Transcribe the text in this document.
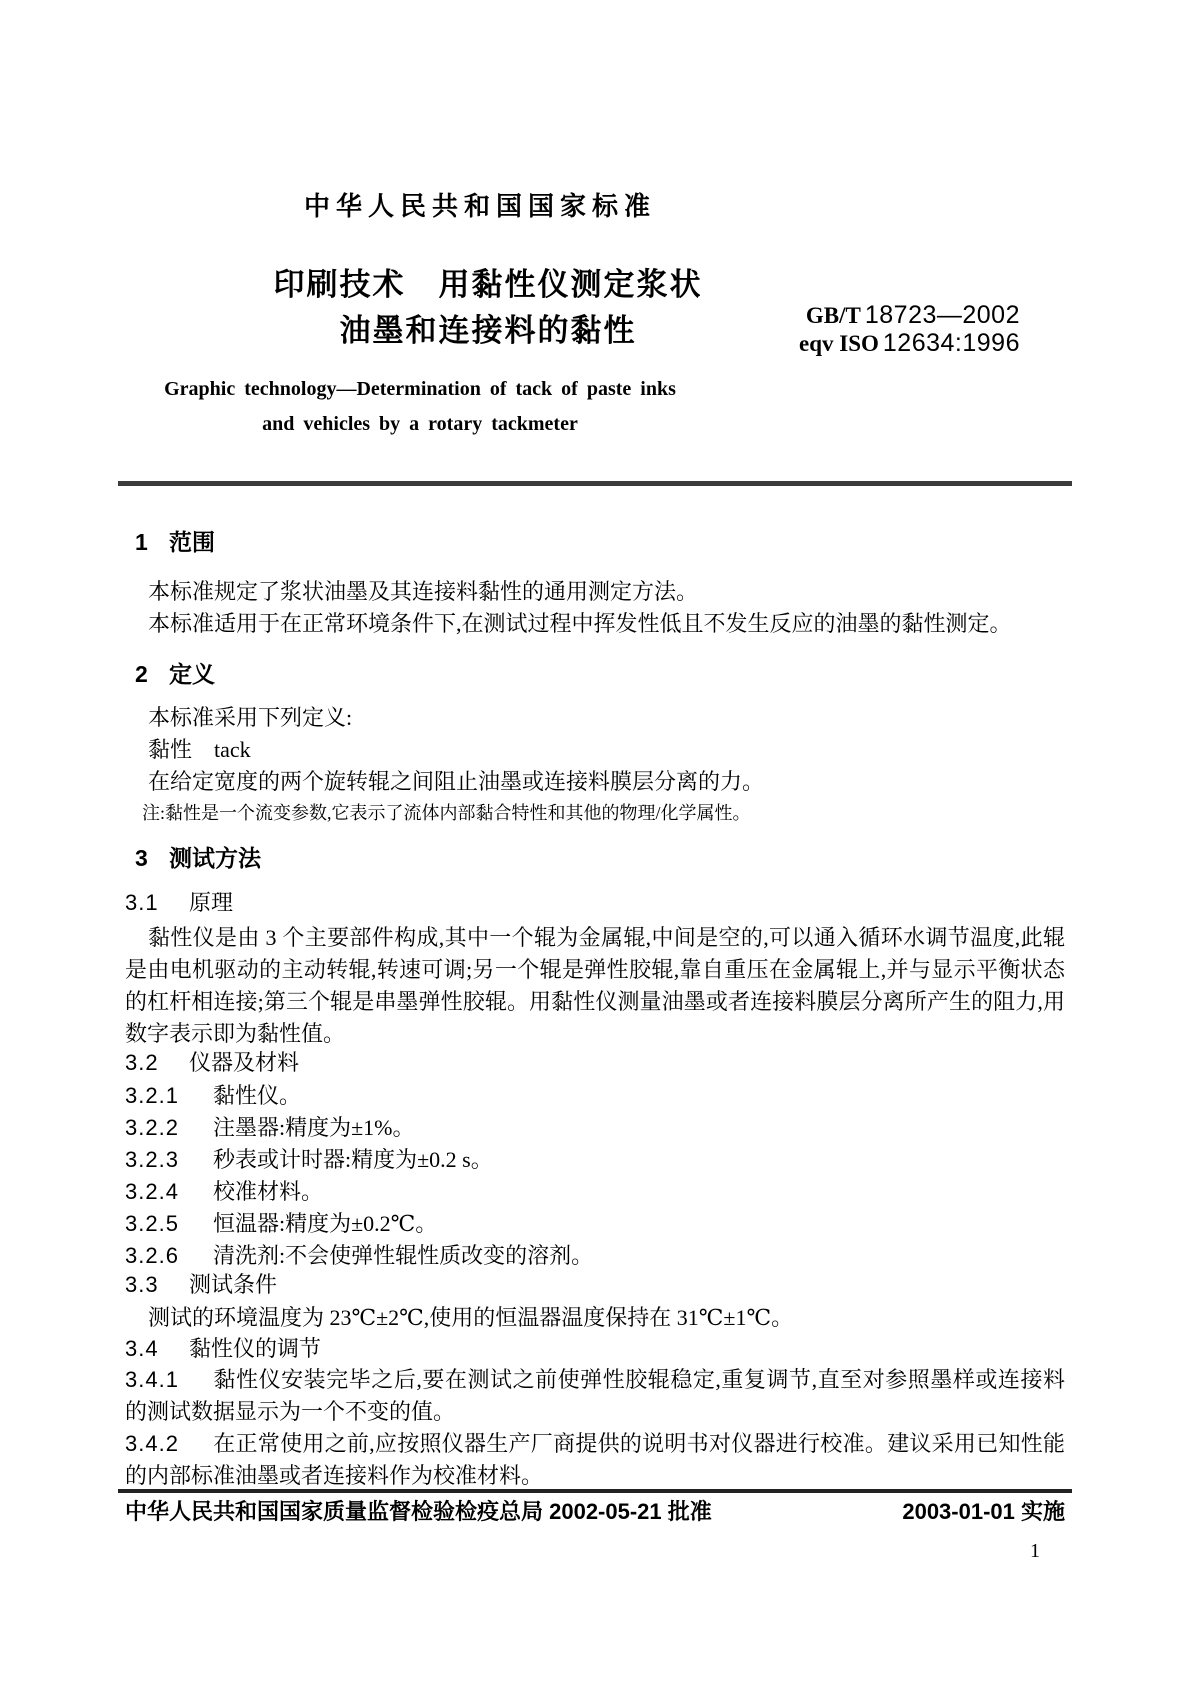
中华人民共和国国家标准
印刷技术　用黏性仪测定浆状
油墨和连接料的黏性	GB/T 18723—2002
eqv ISO 12634:1996
Graphic technology—Determination of tack of paste inks
and vehicles by a rotary tackmeter
1 范围
本标准规定了浆状油墨及其连接料黏性的通用测定方法。
本标准适用于在正常环境条件下,在测试过程中挥发性低且不发生反应的油墨的黏性测定。
2 定义
本标准采用下列定义:
黏性　tack
在给定宽度的两个旋转辊之间阻止油墨或连接料膜层分离的力。
注:黏性是一个流变参数,它表示了流体内部黏合特性和其他的物理/化学属性。
3 测试方法
3.1 原理
黏性仪是由 3 个主要部件构成,其中一个辊为金属辊,中间是空的,可以通入循环水调节温度,此辊是由电机驱动的主动转辊,转速可调;另一个辊是弹性胶辊,靠自重压在金属辊上,并与显示平衡状态的杠杆相连接;第三个辊是串墨弹性胶辊。用黏性仪测量油墨或者连接料膜层分离所产生的阻力,用数字表示即为黏性值。
3.2 仪器及材料
3.2.1 黏性仪。
3.2.2 注墨器:精度为±1%。
3.2.3 秒表或计时器:精度为±0.2 s。
3.2.4 校准材料。
3.2.5 恒温器:精度为±0.2℃。
3.2.6 清洗剂:不会使弹性辊性质改变的溶剂。
3.3 测试条件
测试的环境温度为 23℃±2℃,使用的恒温器温度保持在 31℃±1℃。
3.4 黏性仪的调节
3.4.1 黏性仪安装完毕之后,要在测试之前使弹性胶辊稳定,重复调节,直至对参照墨样或连接料的测试数据显示为一个不变的值。
3.4.2 在正常使用之前,应按照仪器生产厂商提供的说明书对仪器进行校准。建议采用已知性能的内部标准油墨或者连接料作为校准材料。
中华人民共和国国家质量监督检验检疫总局 2002-05-21 批准	2003-01-01 实施
1
